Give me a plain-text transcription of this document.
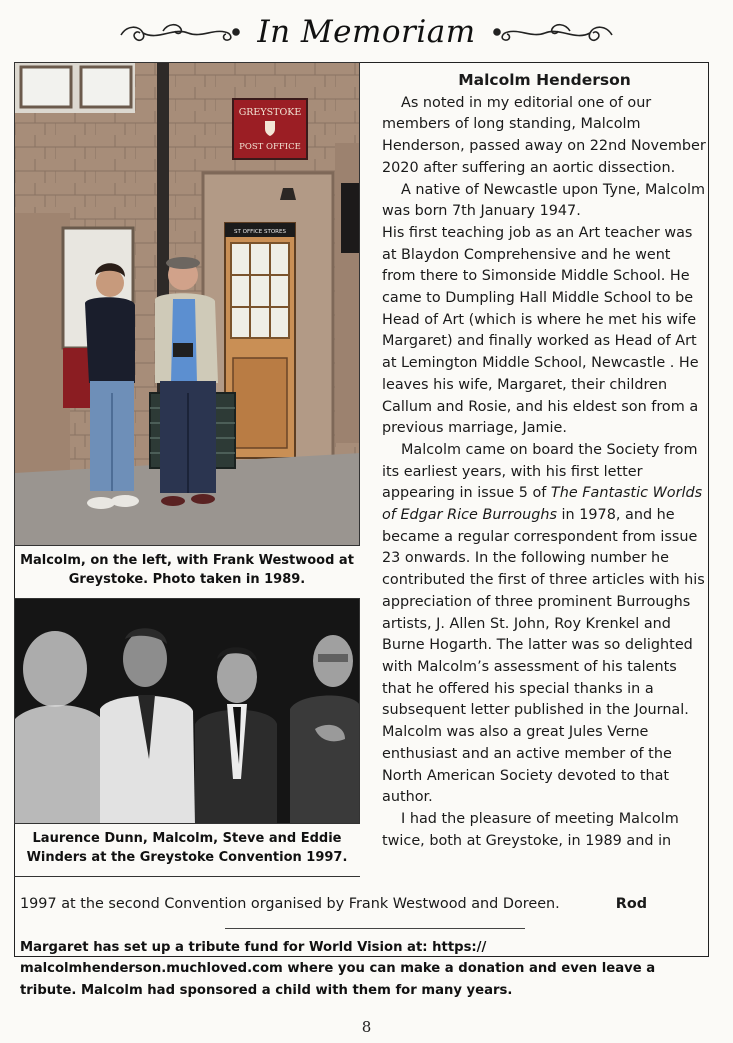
In Memoriam
GREYSTOKE
POST OFFICE
ST OFFICE STORES
Malcolm, on the left, with Frank Westwood at
Greystoke. Photo taken in 1989.
Laurence Dunn, Malcolm, Steve and Eddie
Winders at the Greystoke Convention 1997.
Malcolm Henderson

As noted in my editorial one of our members of long standing, Malcolm Henderson, passed away on 22nd November 2020 after suffering an aortic dissection.

A native of Newcastle upon Tyne, Malcolm was born 7th January 1947.

His first teaching job as an Art teacher was at Blaydon Comprehensive and he went from there to Simonside Middle School. He came to Dumpling Hall Middle School to be Head of Art (which is where he met his wife Margaret) and finally worked as Head of Art at Lemington Middle School, Newcastle . He leaves his wife, Margaret, their children Callum and Rosie, and his eldest son from a previous marriage, Jamie.

Malcolm came on board the Society from its earliest years, with his first letter appearing in issue 5 of The Fantastic Worlds of Edgar Rice Burroughs in 1978, and he became a regular correspondent from issue 23 onwards. In the following number he contributed the first of three articles with his appreciation of three prominent Burroughs artists, J. Allen St. John, Roy Krenkel and Burne Hogarth. The latter was so delighted with Malcolm’s assessment of his talents that he offered his special thanks in a subsequent letter published in the Journal. Malcolm was also a great Jules Verne enthusiast and an active member of the North American Society devoted to that author.

I had the pleasure of meeting Malcolm twice, both at Greystoke, in 1989 and in

1997 at the second Convention organised by Frank Westwood and Doreen.	Rod
Margaret has set up a tribute fund for World Vision at: https:// malcolmhenderson.muchloved.com where you can make a donation and even leave a tribute. Malcolm had sponsored a child with them for many years.
8
